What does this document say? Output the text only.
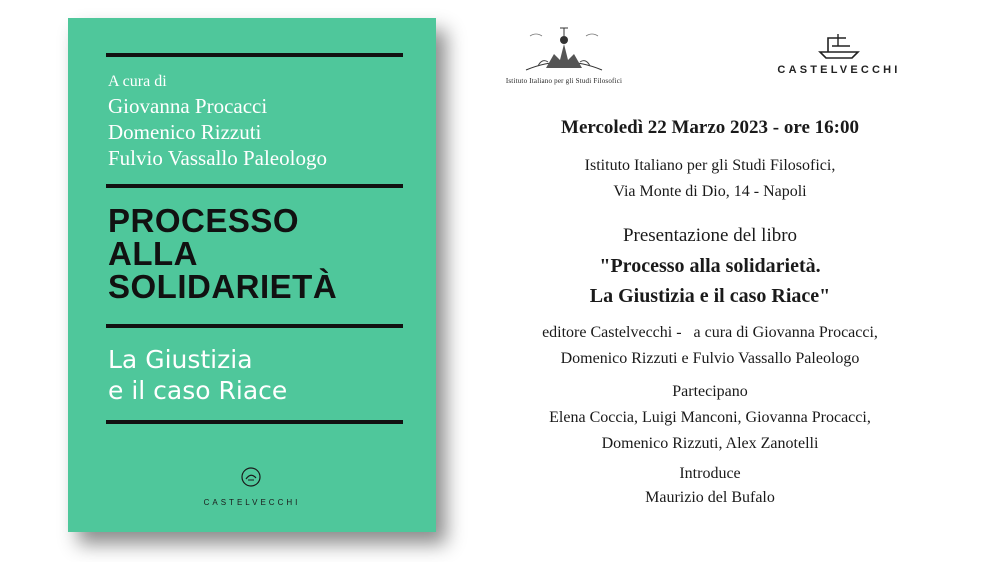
A cura di
Giovanna Procacci
Domenico Rizzuti
Fulvio Vassallo Paleologo
PROCESSO
ALLA
SOLIDARIETÀ
La Giustizia
e il caso Riace
CASTELVECCHI
Istituto Italiano per gli Studi Filosofici
CASTELVECCHI
Mercoledì 22 Marzo 2023 - ore 16:00
Istituto Italiano per gli Studi Filosofici,
Via Monte di Dio, 14 - Napoli
Presentazione del libro
"Processo alla solidarietà.
La Giustizia e il caso Riace"
editore Castelvecchi -   a cura di Giovanna Procacci,
Domenico Rizzuti e Fulvio Vassallo Paleologo
Partecipano
Elena Coccia, Luigi Manconi, Giovanna Procacci,
Domenico Rizzuti, Alex Zanotelli
Introduce
Maurizio del Bufalo
